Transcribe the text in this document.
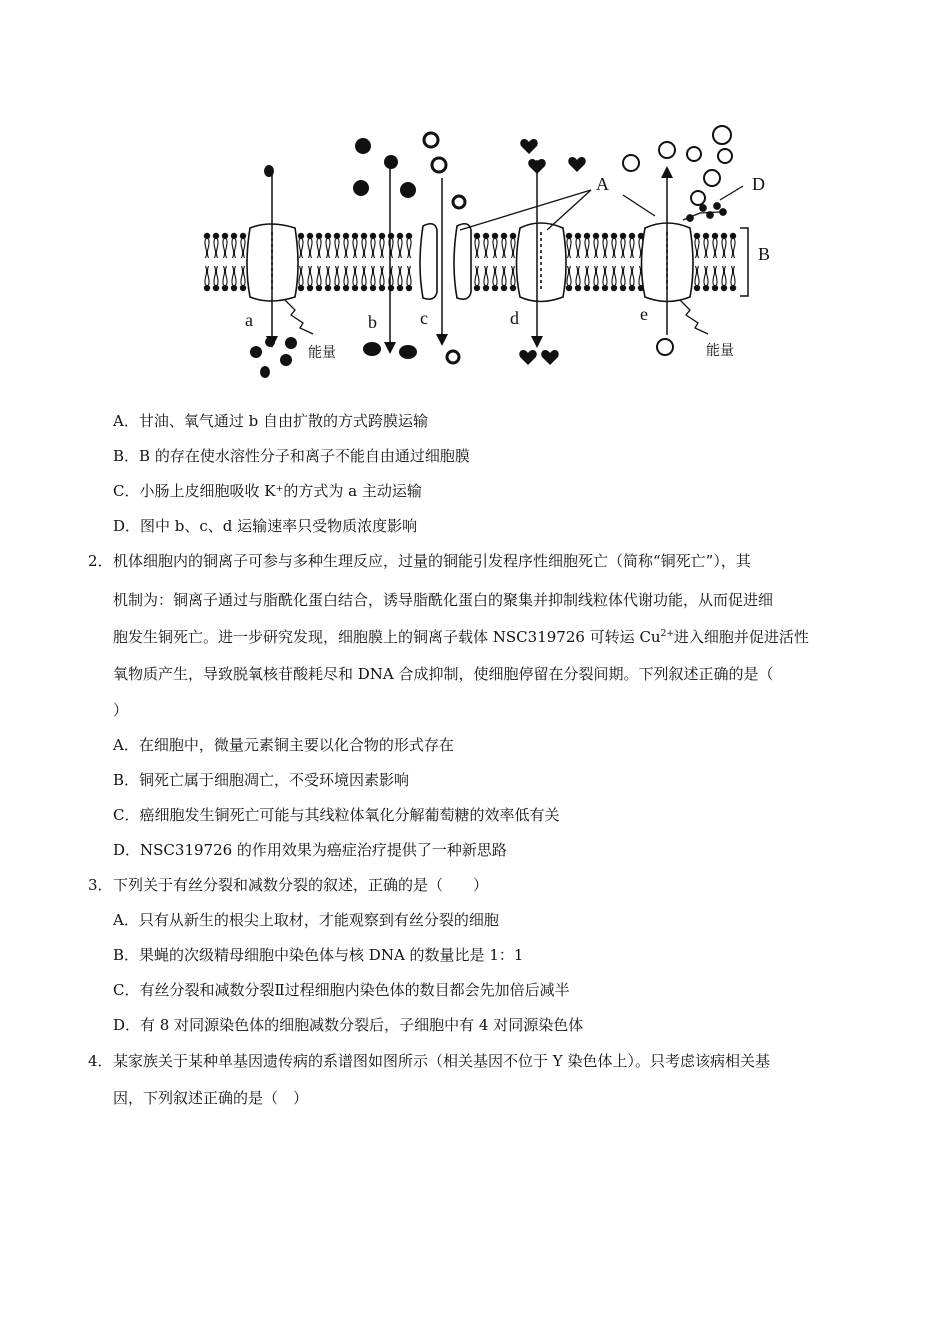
A	D
B
a	b c	d	e
能量	能量
A．甘油、氧气通过 b 自由扩散的方式跨膜运输
B．B 的存在使水溶性分子和离子不能自由通过细胞膜
C．小肠上皮细胞吸收 K⁺的方式为 a 主动运输
D．图中 b、c、d 运输速率只受物质浓度影响
2． 机体细胞内的铜离子可参与多种生理反应，过量的铜能引发程序性细胞死亡（简称“铜死亡”），其
机制为：铜离子通过与脂酰化蛋白结合，诱导脂酰化蛋白的聚集并抑制线粒体代谢功能，从而促进细
胞发生铜死亡。进一步研究发现，细胞膜上的铜离子载体 NSC319726 可转运 $Cu^{2+}$进入细胞并促进活性
氧物质产生，导致脱氧核苷酸耗尽和 DNA 合成抑制，使细胞停留在分裂间期。下列叙述正确的是（
）
A．在细胞中，微量元素铜主要以化合物的形式存在
B．铜死亡属于细胞凋亡，不受环境因素影响
C．癌细胞发生铜死亡可能与其线粒体氧化分解葡萄糖的效率低有关
D．NSC319726 的作用效果为癌症治疗提供了一种新思路
3． 下列关于有丝分裂和减数分裂的叙述，正确的是（　　）
A．只有从新生的根尖上取材，才能观察到有丝分裂的细胞
B．果蝇的次级精母细胞中染色体与核 DNA 的数量比是 1：1
C．有丝分裂和减数分裂Ⅱ过程细胞内染色体的数目都会先加倍后减半
D．有 8 对同源染色体的细胞减数分裂后，子细胞中有 4 对同源染色体
4． 某家族关于某种单基因遗传病的系谱图如图所示（相关基因不位于 Y 染色体上）。只考虑该病相关基
因，下列叙述正确的是（　）
